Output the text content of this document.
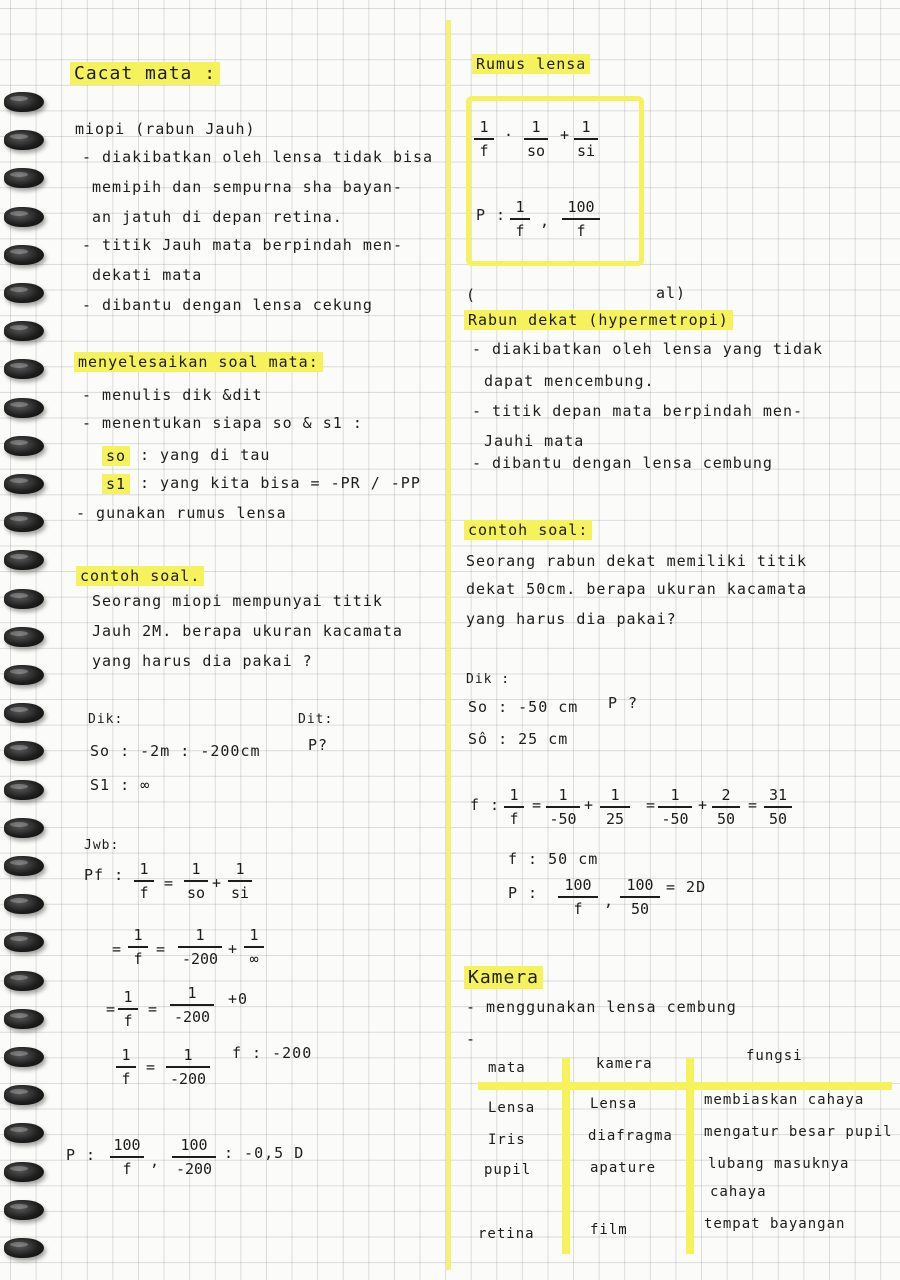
Cacat mata :
miopi (rabun Jauh)
- diakibatkan oleh lensa tidak bisa
memipih dan sempurna sha bayan-
an jatuh di depan retina.
- titik Jauh mata berpindah men-
dekati mata
- dibantu dengan lensa cekung
menyelesaikan soal mata:
- menulis dik &dit
- menentukan siapa so & s1 :
so : yang di tau
s1 : yang kita bisa = -PR / -PP
- gunakan rumus lensa
contoh soal.
Seorang miopi mempunyai titik
Jauh 2M. berapa ukuran kacamata
yang harus dia pakai ?
Dik:	Dit:
P?
So : -2m : -200cm
S1 : ∞
Jwb:
Pf :	1
f
=
1
so
+
1
si
=
1
f
=
1
-200
+
1
∞
=
1
f
=
1
-200
+0
1
f
=
1
-200
f : -200
P :
100
f	,
100
-200
: -0,5 D
Rumus lensa
1
f
·	1
so
+ 1
si
P : 1
f
,
100
f
(	al)
Rabun dekat (hypermetropi)
- diakibatkan oleh lensa yang tidak
dapat mencembung.
- titik depan mata berpindah men-
Jauhi mata
- dibantu dengan lensa cembung
contoh soal:
Seorang rabun dekat memiliki titik
dekat 50cm. berapa ukuran kacamata
yang harus dia pakai?
Dik :
So : -50 cm P ?
Sô : 25 cm
f :
1
f
=
1
-50
+
1
25
=
1
-50
+
2
50
=
31
50
f : 50 cm
P :	100
f	,
100
50
= 2D
Kamera
- menggunakan lensa cembung
-
mata	kamera	fungsi
Lensa	Lensa	membiaskan cahaya
Iris	diafragma mengatur besar pupil
pupil	apature	lubang masuknya
cahaya
retina	film	tempat bayangan
